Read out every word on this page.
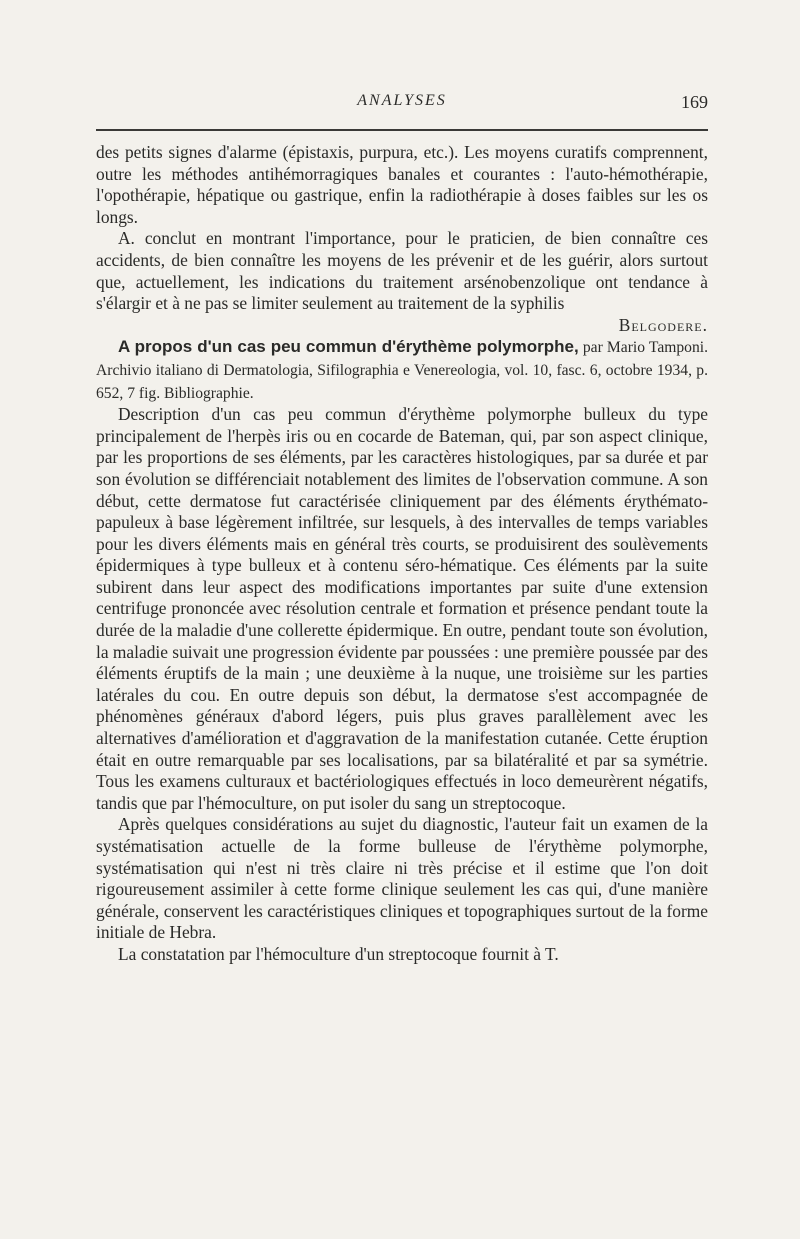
ANALYSES	169

des petits signes d'alarme (épistaxis, purpura, etc.). Les moyens curatifs comprennent, outre les méthodes antihémorragiques banales et courantes : l'auto-hémothérapie, l'opothérapie, hépatique ou gastrique, enfin la radiothérapie à doses faibles sur les os longs.

A. conclut en montrant l'importance, pour le praticien, de bien connaître ces accidents, de bien connaître les moyens de les prévenir et de les guérir, alors surtout que, actuellement, les indications du traitement arsénobenzolique ont tendance à s'élargir et à ne pas se limiter seulement au traitement de la syphilis

Belgodere.

A propos d'un cas peu commun d'érythème polymorphe, par Mario Tamponi. Archivio italiano di Dermatologia, Sifilographia e Venereologia, vol. 10, fasc. 6, octobre 1934, p. 652, 7 fig. Bibliographie.

Description d'un cas peu commun d'érythème polymorphe bulleux du type principalement de l'herpès iris ou en cocarde de Bateman, qui, par son aspect clinique, par les proportions de ses éléments, par les caractères histologiques, par sa durée et par son évolution se différenciait notablement des limites de l'observation commune. A son début, cette dermatose fut caractérisée cliniquement par des éléments érythémato-papuleux à base légèrement infiltrée, sur lesquels, à des intervalles de temps variables pour les divers éléments mais en général très courts, se produisirent des soulèvements épidermiques à type bulleux et à contenu séro-hématique. Ces éléments par la suite subirent dans leur aspect des modifications importantes par suite d'une extension centrifuge prononcée avec résolution centrale et formation et présence pendant toute la durée de la maladie d'une collerette épidermique. En outre, pendant toute son évolution, la maladie suivait une progression évidente par poussées : une première poussée par des éléments éruptifs de la main ; une deuxième à la nuque, une troisième sur les parties latérales du cou. En outre depuis son début, la dermatose s'est accompagnée de phénomènes généraux d'abord légers, puis plus graves parallèlement avec les alternatives d'amélioration et d'aggravation de la manifestation cutanée. Cette éruption était en outre remarquable par ses localisations, par sa bilatéralité et par sa symétrie. Tous les examens culturaux et bactériologiques effectués in loco demeurèrent négatifs, tandis que par l'hémoculture, on put isoler du sang un streptocoque.

Après quelques considérations au sujet du diagnostic, l'auteur fait un examen de la systématisation actuelle de la forme bulleuse de l'érythème polymorphe, systématisation qui n'est ni très claire ni très précise et il estime que l'on doit rigoureusement assimiler à cette forme clinique seulement les cas qui, d'une manière générale, conservent les caractéristiques cliniques et topographiques surtout de la forme initiale de Hebra.

La constatation par l'hémoculture d'un streptocoque fournit à T.
